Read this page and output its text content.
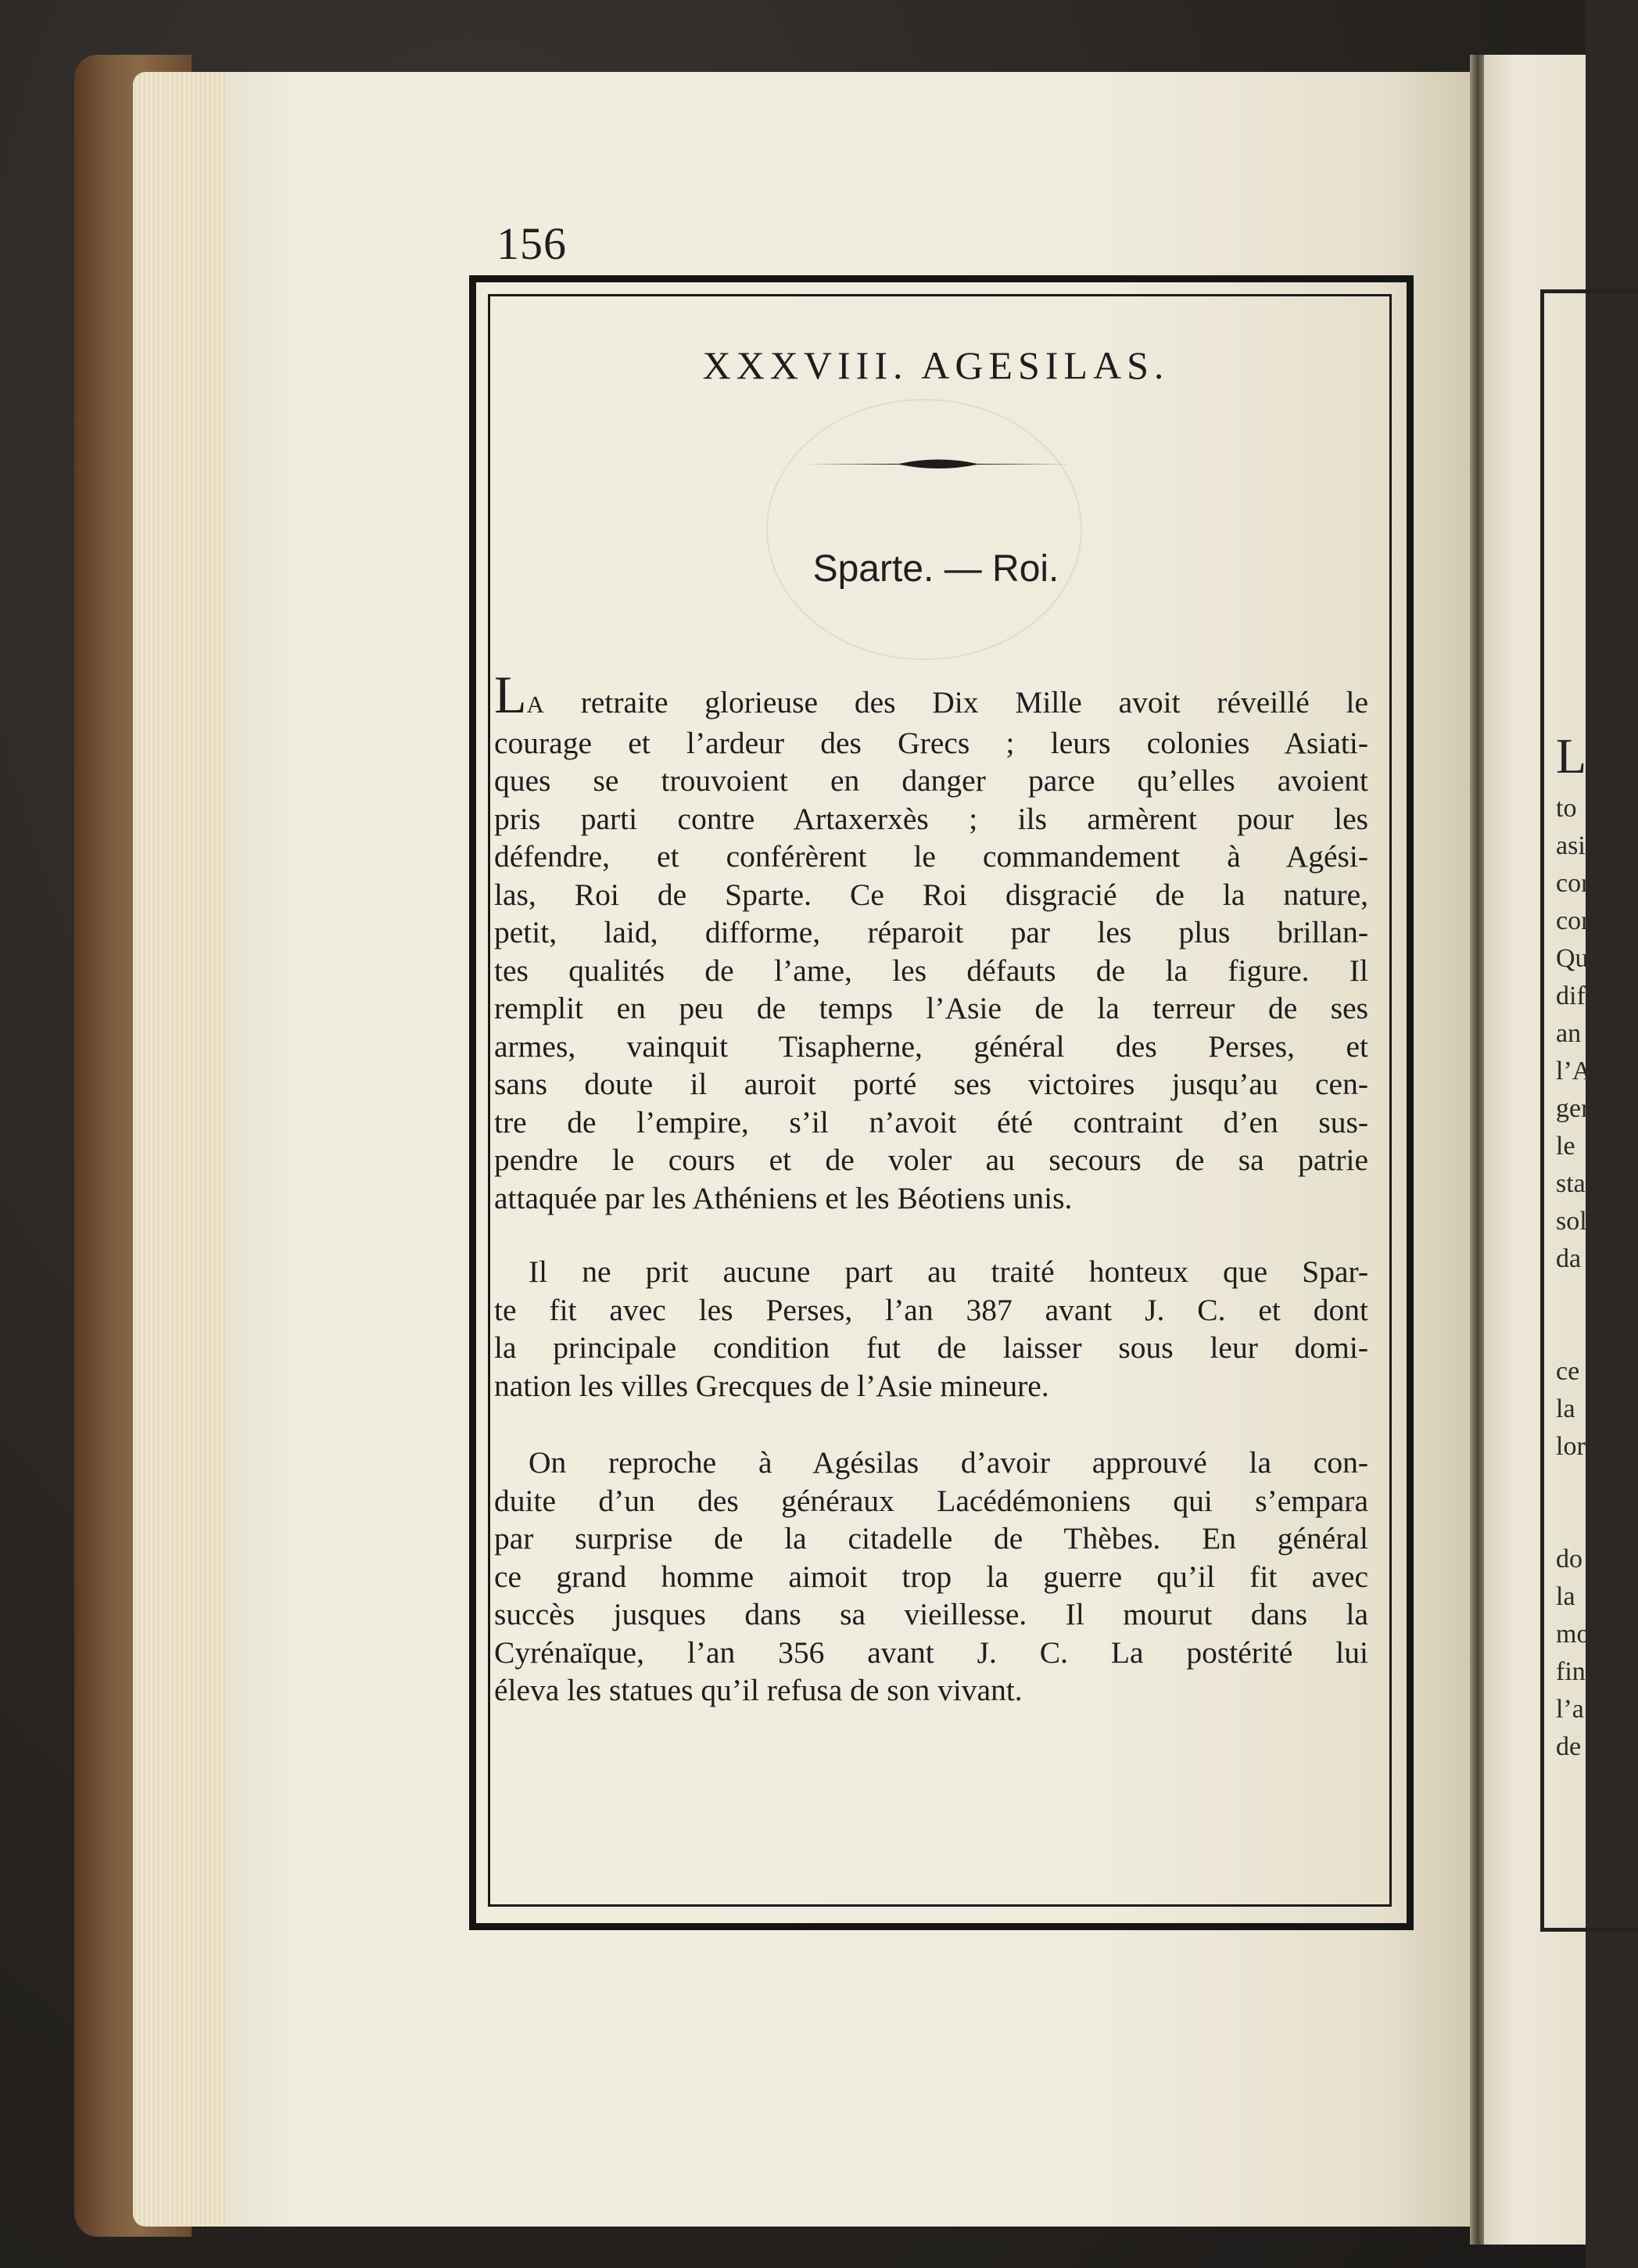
L
to
asi
con
con
Qu
dif
an
l’A
ger
le
sta
sol
da

ce
la
lor

do
la
mo
fin
l’a
de
156
XXXVIII. AGESILAS.
Sparte. — Roi.
LA retraite glorieuse des Dix Mille avoit réveillé le
courage et l’ardeur des Grecs ; leurs colonies Asiati-
ques se trouvoient en danger parce qu’elles avoient
pris parti contre Artaxerxès ; ils armèrent pour les
défendre, et conférèrent le commandement à Agési-
las, Roi de Sparte. Ce Roi disgracié de la nature,
petit, laid, difforme, réparoit par les plus brillan-
tes qualités de l’ame, les défauts de la figure. Il
remplit en peu de temps l’Asie de la terreur de ses
armes, vainquit Tisapherne, général des Perses, et
sans doute il auroit porté ses victoires jusqu’au cen-
tre de l’empire, s’il n’avoit été contraint d’en sus-
pendre le cours et de voler au secours de sa patrie
attaquée par les Athéniens et les Béotiens unis.
Il ne prit aucune part au traité honteux que Spar-
te fit avec les Perses, l’an 387 avant J. C. et dont
la principale condition fut de laisser sous leur domi-
nation les villes Grecques de l’Asie mineure.
On reproche à Agésilas d’avoir approuvé la con-
duite d’un des généraux Lacédémoniens qui s’empara
par surprise de la citadelle de Thèbes. En général
ce grand homme aimoit trop la guerre qu’il fit avec
succès jusques dans sa vieillesse. Il mourut dans la
Cyrénaïque, l’an 356 avant J. C. La postérité lui
éleva les statues qu’il refusa de son vivant.
